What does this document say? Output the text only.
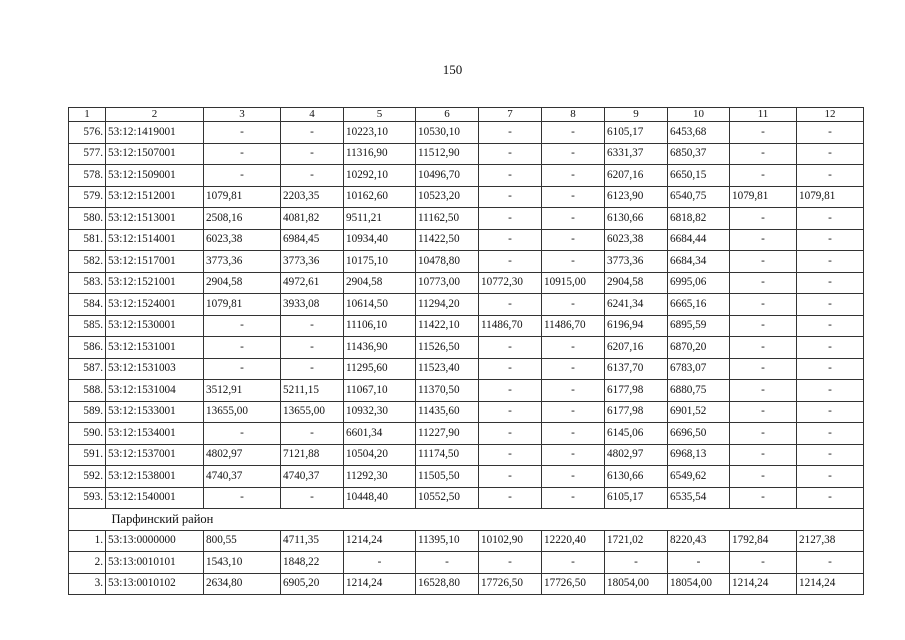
150
1	2	3	4	5	6	7	8	9	10	11	12
576.	53:12:1419001	-	-	10223,10	10530,10	-	-	6105,17	6453,68	-	-
577.	53:12:1507001	-	-	11316,90	11512,90	-	-	6331,37	6850,37	-	-
578.	53:12:1509001	-	-	10292,10	10496,70	-	-	6207,16	6650,15	-	-
579.	53:12:1512001	1079,81	2203,35	10162,60	10523,20	-	-	6123,90	6540,75	1079,81	1079,81
580.	53:12:1513001	2508,16	4081,82	9511,21	11162,50	-	-	6130,66	6818,82	-	-
581.	53:12:1514001	6023,38	6984,45	10934,40	11422,50	-	-	6023,38	6684,44	-	-
582.	53:12:1517001	3773,36	3773,36	10175,10	10478,80	-	-	3773,36	6684,34	-	-
583.	53:12:1521001	2904,58	4972,61	2904,58	10773,00	10772,30	10915,00	2904,58	6995,06	-	-
584.	53:12:1524001	1079,81	3933,08	10614,50	11294,20	-	-	6241,34	6665,16	-	-
585.	53:12:1530001	-	-	11106,10	11422,10	11486,70	11486,70	6196,94	6895,59	-	-
586.	53:12:1531001	-	-	11436,90	11526,50	-	-	6207,16	6870,20	-	-
587.	53:12:1531003	-	-	11295,60	11523,40	-	-	6137,70	6783,07	-	-
588.	53:12:1531004	3512,91	5211,15	11067,10	11370,50	-	-	6177,98	6880,75	-	-
589.	53:12:1533001	13655,00	13655,00	10932,30	11435,60	-	-	6177,98	6901,52	-	-
590.	53:12:1534001	-	-	6601,34	11227,90	-	-	6145,06	6696,50	-	-
591.	53:12:1537001	4802,97	7121,88	10504,20	11174,50	-	-	4802,97	6968,13	-	-
592.	53:12:1538001	4740,37	4740,37	11292,30	11505,50	-	-	6130,66	6549,62	-	-
593.	53:12:1540001	-	-	10448,40	10552,50	-	-	6105,17	6535,54	-	-
	Парфинский район										
1.	53:13:0000000	800,55	4711,35	1214,24	11395,10	10102,90	12220,40	1721,02	8220,43	1792,84	2127,38
2.	53:13:0010101	1543,10	1848,22	-	-	-	-	-	-	-	-
3.	53:13:0010102	2634,80	6905,20	1214,24	16528,80	17726,50	17726,50	18054,00	18054,00	1214,24	1214,24
